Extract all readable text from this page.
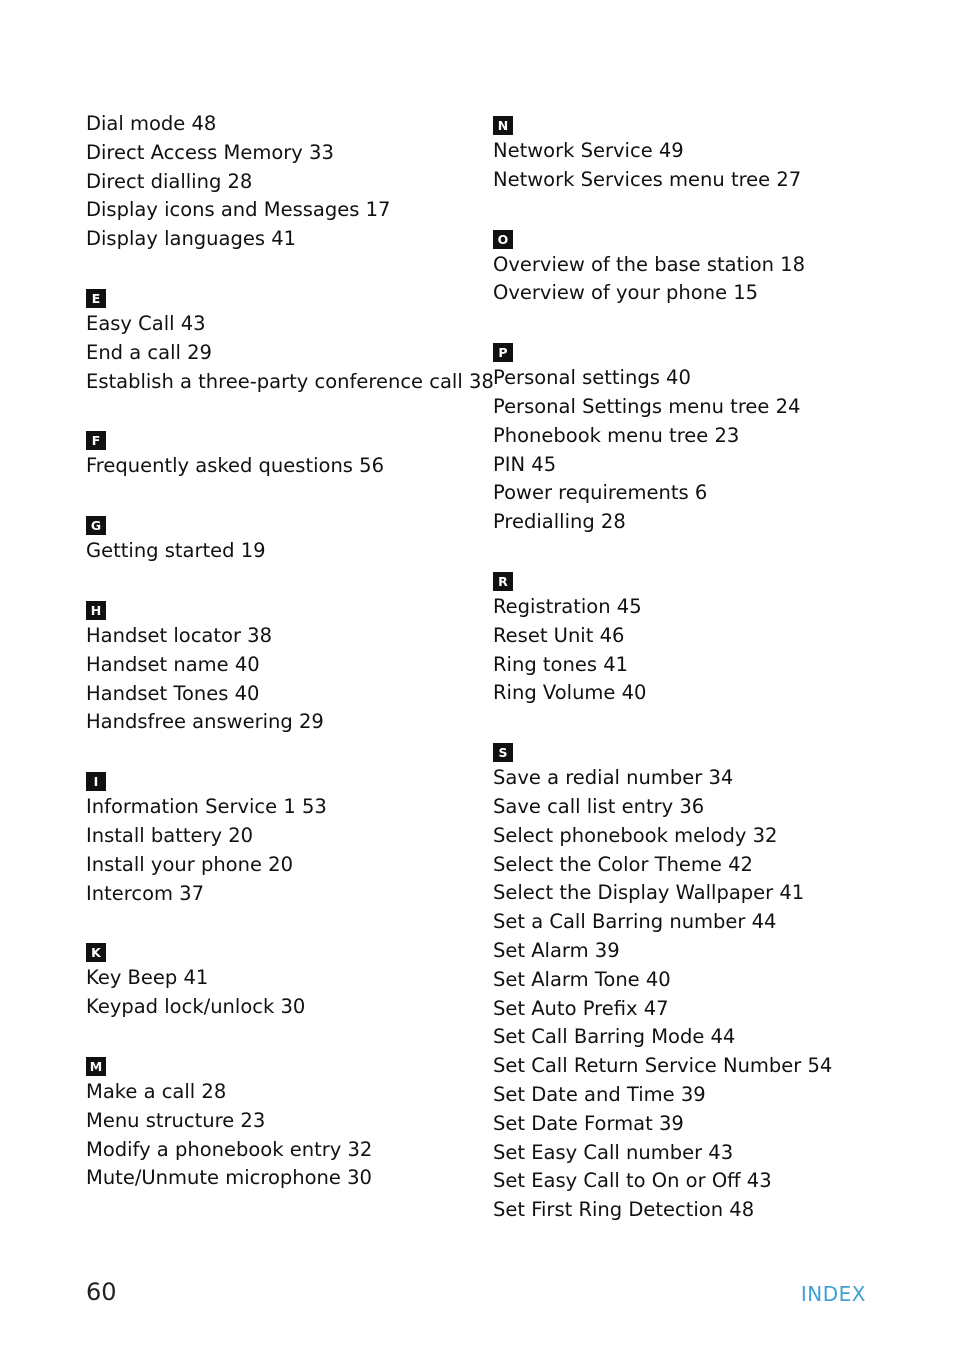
Dial mode 48
Direct Access Memory 33
Direct dialling 28
Display icons and Messages 17
Display languages 41
E
Easy Call 43
End a call 29
Establish a three-party conference call 38
F
Frequently asked questions 56
G
Getting started 19
H
Handset locator 38
Handset name 40
Handset Tones 40
Handsfree answering 29
I
Information Service 1 53
Install battery 20
Install your phone 20
Intercom 37
K
Key Beep 41
Keypad lock/unlock 30
M
Make a call 28
Menu structure 23
Modify a phonebook entry 32
Mute/Unmute microphone 30
N
Network Service 49
Network Services menu tree 27
O
Overview of the base station 18
Overview of your phone 15
P
Personal settings 40
Personal Settings menu tree 24
Phonebook menu tree 23
PIN 45
Power requirements 6
Predialling 28
R
Registration 45
Reset Unit 46
Ring tones 41
Ring Volume 40
S
Save a redial number 34
Save call list entry 36
Select phonebook melody 32
Select the Color Theme 42
Select the Display Wallpaper 41
Set a Call Barring number 44
Set Alarm 39
Set Alarm Tone 40
Set Auto Prefix 47
Set Call Barring Mode 44
Set Call Return Service Number 54
Set Date and Time 39
Set Date Format 39
Set Easy Call number 43
Set Easy Call to On or Off 43
Set First Ring Detection 48
60	INDEX
